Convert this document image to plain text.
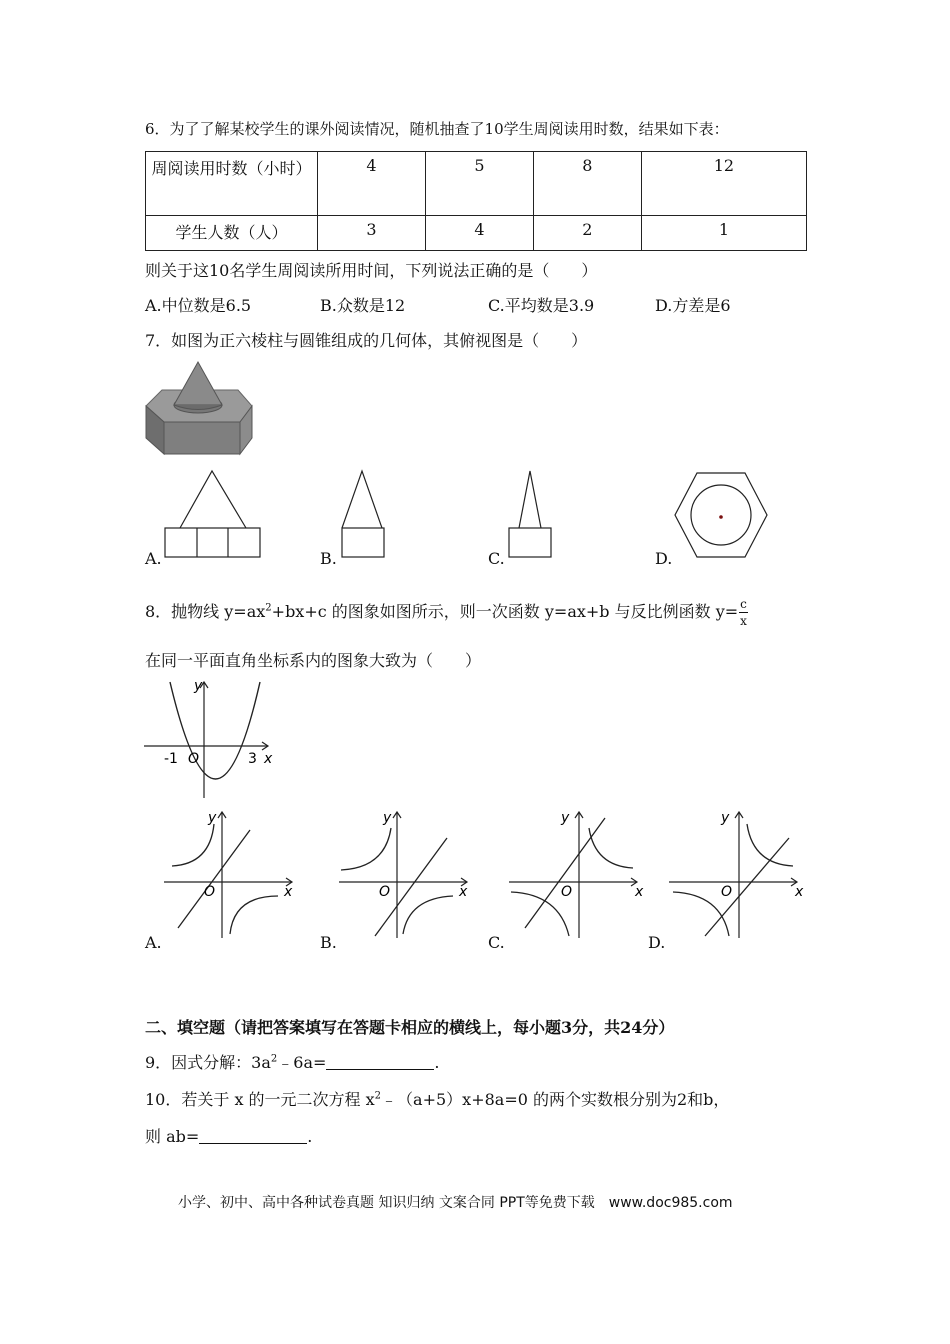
6．为了了解某校学生的课外阅读情况，随机抽查了10学生周阅读用时数，结果如下表：
周阅读用时数（小时）	4	5	8	12
学生人数（人）	3	4	2	1
则关于这10名学生周阅读所用时间，下列说法正确的是（　　）
A.中位数是6.5	B.众数是12	C.平均数是3.9	D.方差是6
7．如图为正六棱柱与圆锥组成的几何体，其俯视图是（　　）
A.	B.	C.	D.
8．抛物线 $y=ax^2+bx+c$ 的图象如图所示，则一次函数 y=ax+b 与反比例函数 $y= \frac{c}{x}$
在同一平面直角坐标系内的图象大致为（　　）
y
x
O
-1	3
y
x
O
A.
y
x
O
B.
y
x
O
C.
y
x
O
D.
二、填空题（请把答案填写在答题卡相应的横线上，每小题3分，共24分）
9．因式分解：$3a^2﹣6a=$	.
10．若关于 x 的一元二次方程 $x^2﹣(a+5)x+8a=0$ 的两个实数根分别为2和b，
则 ab=	.
小学、初中、高中各种试卷真题 知识归纳 文案合同 PPT等免费下载　www.doc985.com
